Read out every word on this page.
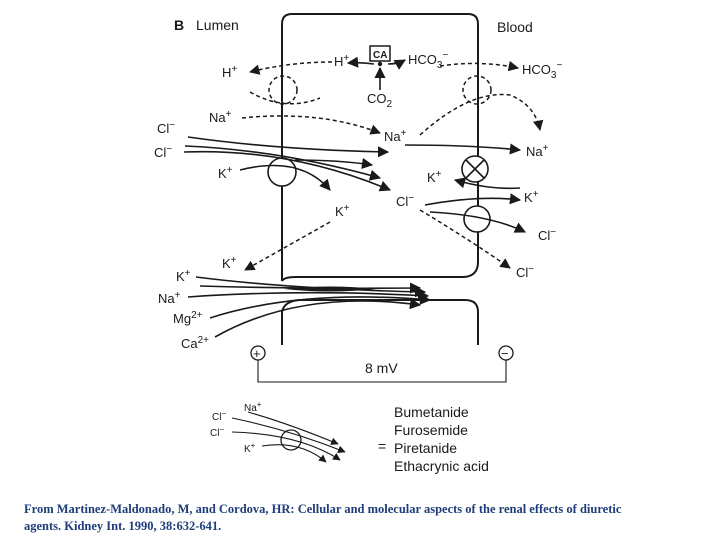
B Lumen	Blood
CA
H+	$HCO_3^-$
$CO_2$
H+	$HCO_3^-$
Na+
Na+
Cl−
Cl−
K+
K+
K+
Cl−
Na+
K+
K+
Cl−
Cl−
K+
Na+
$Mg^{2+}$
$Ca^{2+}$
+	−
8 mV
Na+
Cl−
Cl−
K+	=
Bumetanide
Furosemide
Piretanide
Ethacrynic acid
From Martinez-Maldonado, M, and Cordova, HR: Cellular and molecular aspects of the renal effects of diuretic
agents. Kidney Int. 1990, 38:632-641.
